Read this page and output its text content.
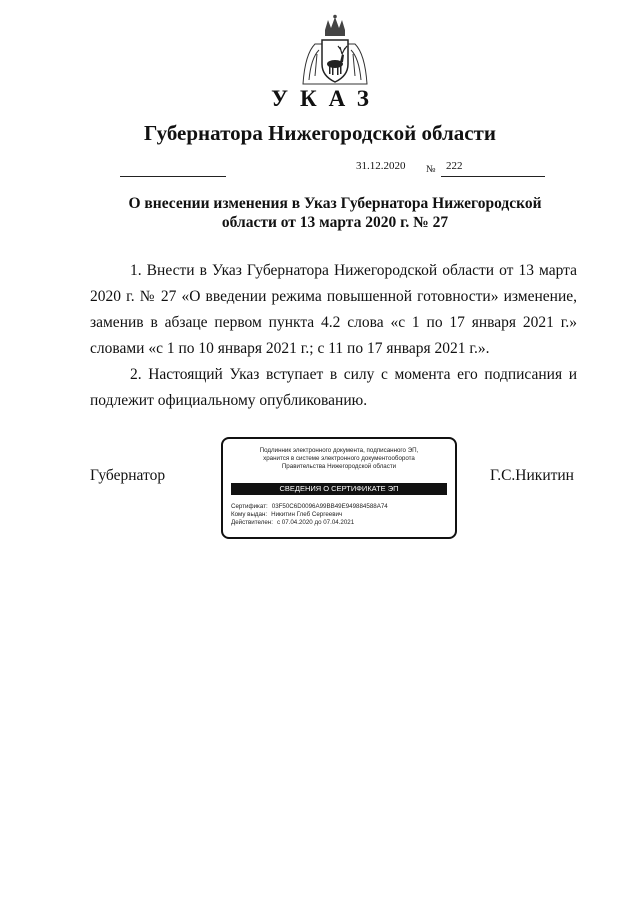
УКАЗ
Губернатора Нижегородской области
31.12.2020 № 222
О внесении изменения в Указ Губернатора Нижегородской
области от 13 марта 2020 г. № 27

1. Внести в Указ Губернатора Нижегородской области от 13 марта 2020 г. № 27 «О введении режима повышенной готовности» изменение, заменив в абзаце первом пункта 4.2 слова «с 1 по 17 января 2021 г.» словами «с 1 по 10 января 2021 г.; с 11 по 17 января 2021 г.».

2. Настоящий Указ вступает в силу с момента его подписания и подлежит официальному опубликованию.

Губернатор	Г.С.Никитин
Подлинник электронного документа, подписанного ЭП,
хранится в системе электронного документооборота
Правительства Нижегородской области
СВЕДЕНИЯ О СЕРТИФИКАТЕ ЭП
Сертификат: 03F50C6D0096A99BB49E949884588A74
Кому выдан: Никитин Глеб Сергеевич
Действителен: с 07.04.2020 до 07.04.2021
